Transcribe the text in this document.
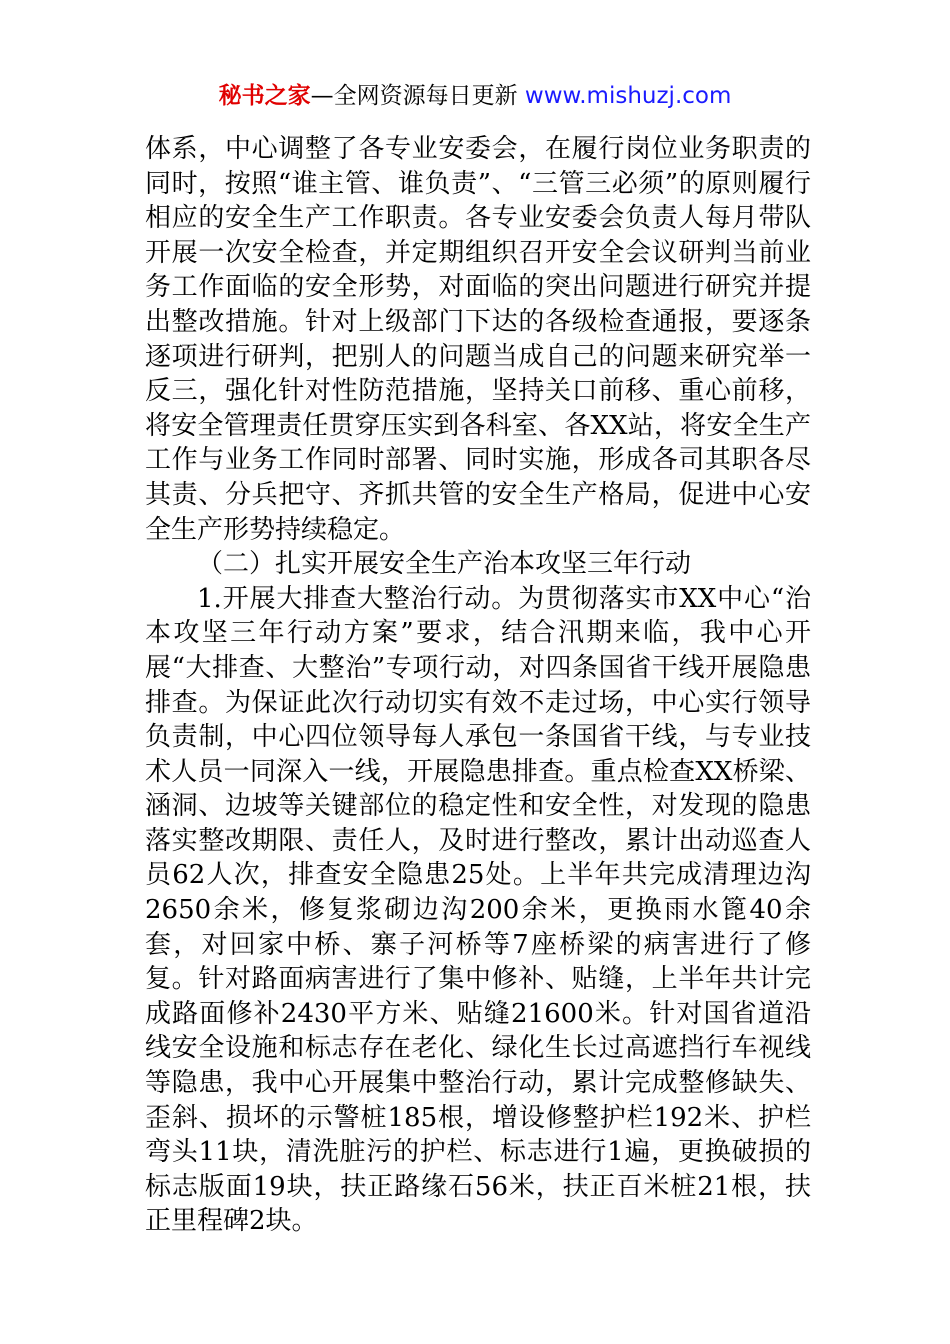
秘书之家—全网资源每日更新 www.mishuzj.com

体系，中心调整了各专业安委会，在履行岗位业务职责的同时，按照“谁主管、谁负责”、“三管三必须”的原则履行相应的安全生产工作职责。各专业安委会负责人每月带队开展一次安全检查，并定期组织召开安全会议研判当前业务工作面临的安全形势，对面临的突出问题进行研究并提出整改措施。针对上级部门下达的各级检查通报，要逐条逐项进行研判，把别人的问题当成自己的问题来研究举一反三，强化针对性防范措施，坚持关口前移、重心前移，将安全管理责任贯穿压实到各科室、各XX站，将安全生产工作与业务工作同时部署、同时实施，形成各司其职各尽其责、分兵把守、齐抓共管的安全生产格局，促进中心安全生产形势持续稳定。

（二）扎实开展安全生产治本攻坚三年行动

1.开展大排查大整治行动。为贯彻落实市XX中心“治本攻坚三年行动方案”要求，结合汛期来临，我中心开展“大排查、大整治”专项行动，对四条国省干线开展隐患排查。为保证此次行动切实有效不走过场，中心实行领导负责制，中心四位领导每人承包一条国省干线，与专业技术人员一同深入一线，开展隐患排查。重点检查XX桥梁、涵洞、边坡等关键部位的稳定性和安全性，对发现的隐患落实整改期限、责任人，及时进行整改，累计出动巡查人员62人次，排查安全隐患25处。上半年共完成清理边沟2650余米，修复浆砌边沟200余米，更换雨水篦40余套，对回家中桥、寨子河桥等7座桥梁的病害进行了修复。针对路面病害进行了集中修补、贴缝，上半年共计完成路面修补2430平方米、贴缝21600米。针对国省道沿线安全设施和标志存在老化、绿化生长过高遮挡行车视线等隐患，我中心开展集中整治行动，累计完成整修缺失、歪斜、损坏的示警桩185根，增设修整护栏192米、护栏弯头11块，清洗脏污的护栏、标志进行1遍，更换破损的标志版面19块，扶正路缘石56米，扶正百米桩21根，扶正里程碑2块。
